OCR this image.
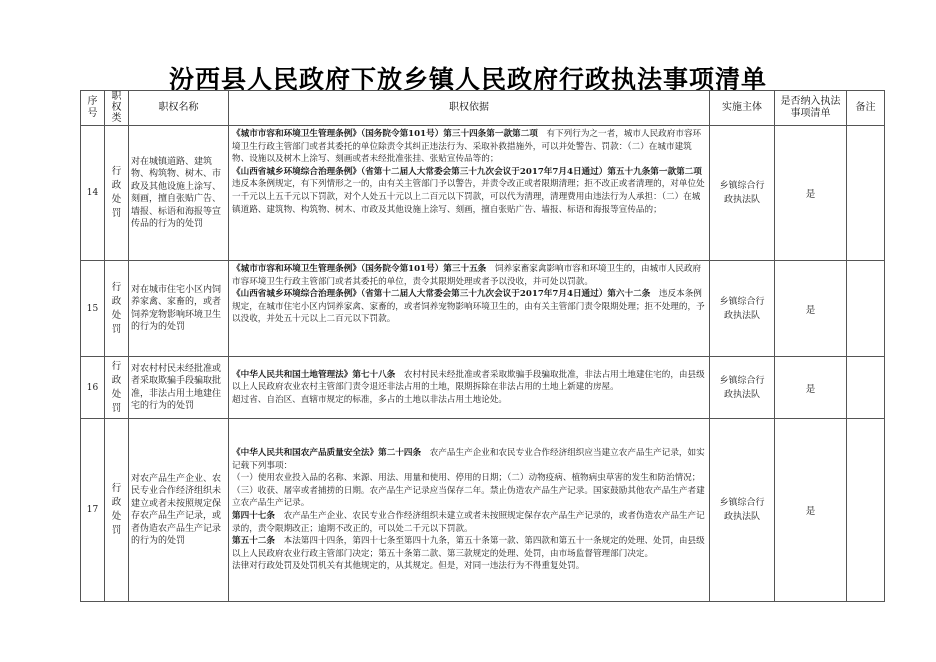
汾西县人民政府下放乡镇人民政府行政执法事项清单
序号	职权类	职权名称	职权依据	实施主体	是否纳入执法事项清单	备注
14	行政处罚	对在城镇道路、建筑物、构筑物、树木、市政及其他设施上涂写、刻画，擅自张贴广告、墙报、标语和海报等宣传品的行为的处罚	《城市市容和环境卫生管理条例》（国务院令第101号）第三十四条第一款第二项　 有下列行为之一者，城市人民政府市容环境卫生行政主管部门或者其委托的单位除责令其纠正违法行为、采取补救措施外，可以并处警告、罚款：（二）在城市建筑物、设施以及树木上涂写、刻画或者未经批准张挂、张贴宣传品等的；

《山西省城乡环境综合治理条例》（省第十二届人大常委会第三十九次会议于2017年7月4日通过）第五十九条第一款第二项　违反本条例规定，有下列情形之一的，由有关主管部门予以警告，并责令改正或者限期清理；拒不改正或者清理的，对单位处一千元以上五千元以下罚款，对个人处五十元以上二百元以下罚款，可以代为清理，清理费用由违法行为人承担：（二）在城镇道路、建筑物、构筑物、树木、市政及其他设施上涂写、刻画，擅自张贴广告、墙报、标语和海报等宣传品的；	乡镇综合行政执法队	是	
15	行政处罚	对在城市住宅小区内饲养家禽、家畜的，或者饲养宠物影响环境卫生的行为的处罚	《城市市容和环境卫生管理条例》（国务院令第101号）第三十五条　 饲养家畜家禽影响市容和环境卫生的，由城市人民政府市容环境卫生行政主管部门或者其委托的单位，责令其限期处理或者予以没收，并可处以罚款。

《山西省城乡环境综合治理条例》（省第十二届人大常委会第三十九次会议于2017年7月4日通过）第六十二条　 违反本条例规定，在城市住宅小区内饲养家禽、家畜的，或者饲养宠物影响环境卫生的，由有关主管部门责令限期处理；拒不处理的，予以没收，并处五十元以上二百元以下罚款。	乡镇综合行政执法队	是	
16	行政处罚	对农村村民未经批准或者采取欺骗手段骗取批准，非法占用土地建住宅的行为的处罚	《中华人民共和国土地管理法》第七十八条　 农村村民未经批准或者采取欺骗手段骗取批准，非法占用土地建住宅的，由县级以上人民政府农业农村主管部门责令退还非法占用的土地，限期拆除在非法占用的土地上新建的房屋。

超过省、自治区、直辖市规定的标准，多占的土地以非法占用土地论处。	乡镇综合行政执法队	是	
17	行政处罚	对农产品生产企业、农民专业合作经济组织未建立或者未按照规定保存农产品生产记录，或者伪造农产品生产记录的行为的处罚	《中华人民共和国农产品质量安全法》第二十四条　 农产品生产企业和农民专业合作经济组织应当建立农产品生产记录，如实记载下列事项：

（一）使用农业投入品的名称、来源、用法、用量和使用、停用的日期；（二）动物疫病、植物病虫草害的发生和防治情况；（三）收获、屠宰或者捕捞的日期。农产品生产记录应当保存二年。禁止伪造农产品生产记录。国家鼓励其他农产品生产者建立农产品生产记录。

第四十七条　 农产品生产企业、农民专业合作经济组织未建立或者未按照规定保存农产品生产记录的，或者伪造农产品生产记录的，责令限期改正；逾期不改正的，可以处二千元以下罚款。

第五十二条　 本法第四十四条，第四十七条至第四十九条，第五十条第一款、第四款和第五十一条规定的处理、处罚，由县级以上人民政府农业行政主管部门决定；第五十条第二款、第三款规定的处理、处罚，由市场监督管理部门决定。

法律对行政处罚及处罚机关有其他规定的，从其规定。但是，对同一违法行为不得重复处罚。	乡镇综合行政执法队	是	
